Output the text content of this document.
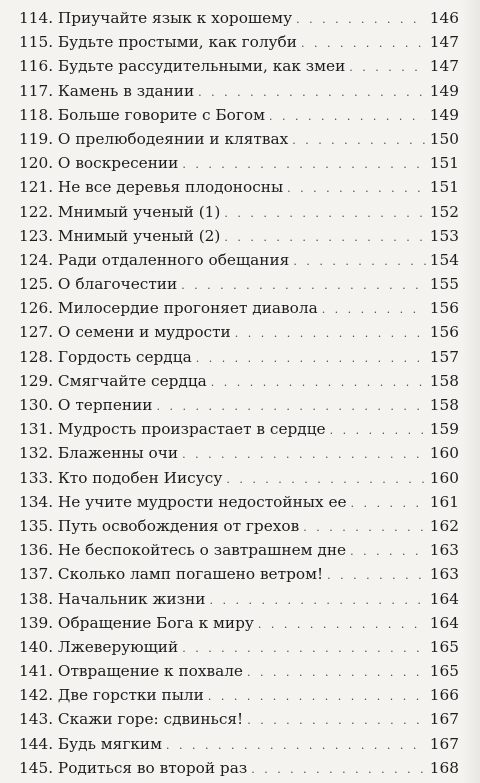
114. Приучайте язык к хорошему . . .	146
115. Будьте простыми, как голуби . . .	147
116. Будьте рассудительными, как змеи . . .	147
117. Камень в здании . . .	149
118. Больше говорите с Богом . . .	149
119. О прелюбодеянии и клятвах . . .	150
120. О воскресении . . .	151
121. Не все деревья плодоносны . . .	151
122. Мнимый ученый (1) . . .	152
123. Мнимый ученый (2) . . .	153
124. Ради отдаленного обещания . . .	154
125. О благочестии . . .	155
126. Милосердие прогоняет диавола . . .	156
127. О семени и мудрости . . .	156
128. Гордость сердца . . .	157
129. Смягчайте сердца . . .	158
130. О терпении . . .	158
131. Мудрость произрастает в сердце . . .	159
132. Блаженны очи . . .	160
133. Кто подобен Иисусу . . .	160
134. Не учите мудрости недостойных ее . . .	161
135. Путь освобождения от грехов . . .	162
136. Не беспокойтесь о завтрашнем дне . . .	163
137. Сколько ламп погашено ветром! . . .	163
138. Начальник жизни . . .	164
139. Обращение Бога к миру . . .	164
140. Лжеверующий . . .	165
141. Отвращение к похвале . . .	165
142. Две горстки пыли . . .	166
143. Скажи горе: сдвинься! . . .	167
144. Будь мягким . . .	167
145. Родиться во второй раз . . .	168
